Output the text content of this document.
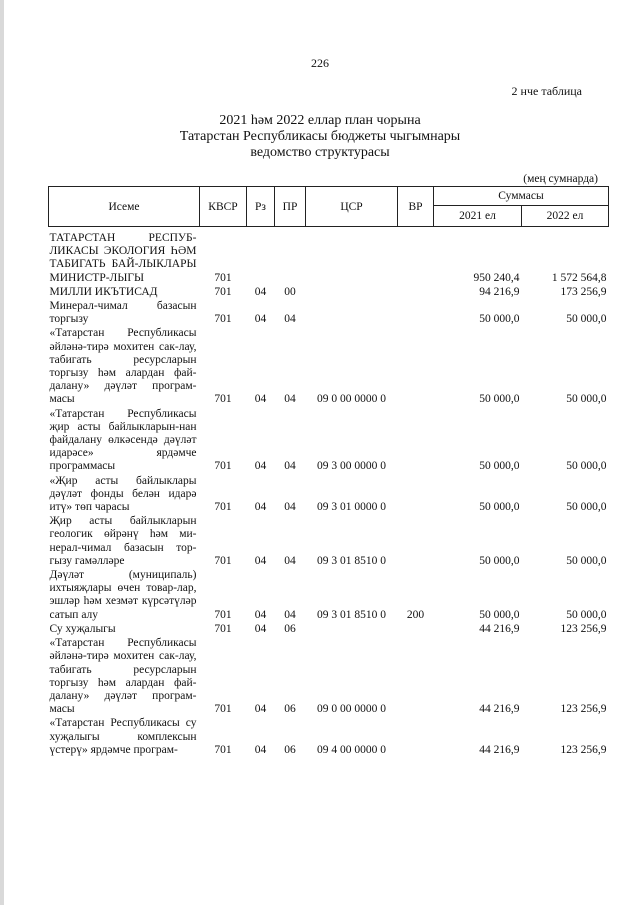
226
2 нче таблица
2021 һәм 2022 еллар план чорына
Татарстан Республикасы бюджеты чыгымнары
ведомство структурасы
(мең сумнарда)
Исеме	КВСР	Рз	ПР	ЦСР	ВР	Суммасы	
						2021 ел	2022 ел
ТАТАРСТАН РЕСПУБ-ЛИКАСЫ ЭКОЛОГИЯ ҺӘМ ТАБИГАТЬ БАЙ-ЛЫКЛАРЫ МИНИСТР-ЛЫГЫ	701					950 240,4	1 572 564,8
МИЛЛИ ИКЪТИСАД	701	04	00			94 216,9	173 256,9
Минерал-чимал базасын торгызу	701	04	04			50 000,0	50 000,0
«Татарстан Республикасы әйләнә-тирә мохитен сак-лау, табигать ресурсларын торгызу һәм алардан фай-далану» дәүләт програм-масы	701	04	04	09 0 00 0000 0		50 000,0	50 000,0
«Татарстан Республикасы җир асты байлыкларын-нан файдалану өлкәсендә дәүләт идарәсе» ярдәмче программасы	701	04	04	09 3 00 0000 0		50 000,0	50 000,0
«Җир асты байлыклары дәүләт фонды белән идарә итү» төп чарасы	701	04	04	09 3 01 0000 0		50 000,0	50 000,0
Җир асты байлыкларын геологик өйрәнү һәм ми-нерал-чимал базасын тор-гызу гамәлләре	701	04	04	09 3 01 8510 0		50 000,0	50 000,0
Дәүләт (муниципаль) ихтыяҗлары өчен товар-лар, эшләр һәм хезмәт күрсәтүләр сатып алу	701	04	04	09 3 01 8510 0	200	50 000,0	50 000,0
Су хуҗалыгы	701	04	06			44 216,9	123 256,9
«Татарстан Республикасы әйләнә-тирә мохитен сак-лау, табигать ресурсларын торгызу һәм алардан фай-далану» дәүләт програм-масы	701	04	06	09 0 00 0000 0		44 216,9	123 256,9
«Татарстан Республикасы су хуҗалыгы комплексын үстерү» ярдәмче програм-	701	04	06	09 4 00 0000 0		44 216,9	123 256,9
